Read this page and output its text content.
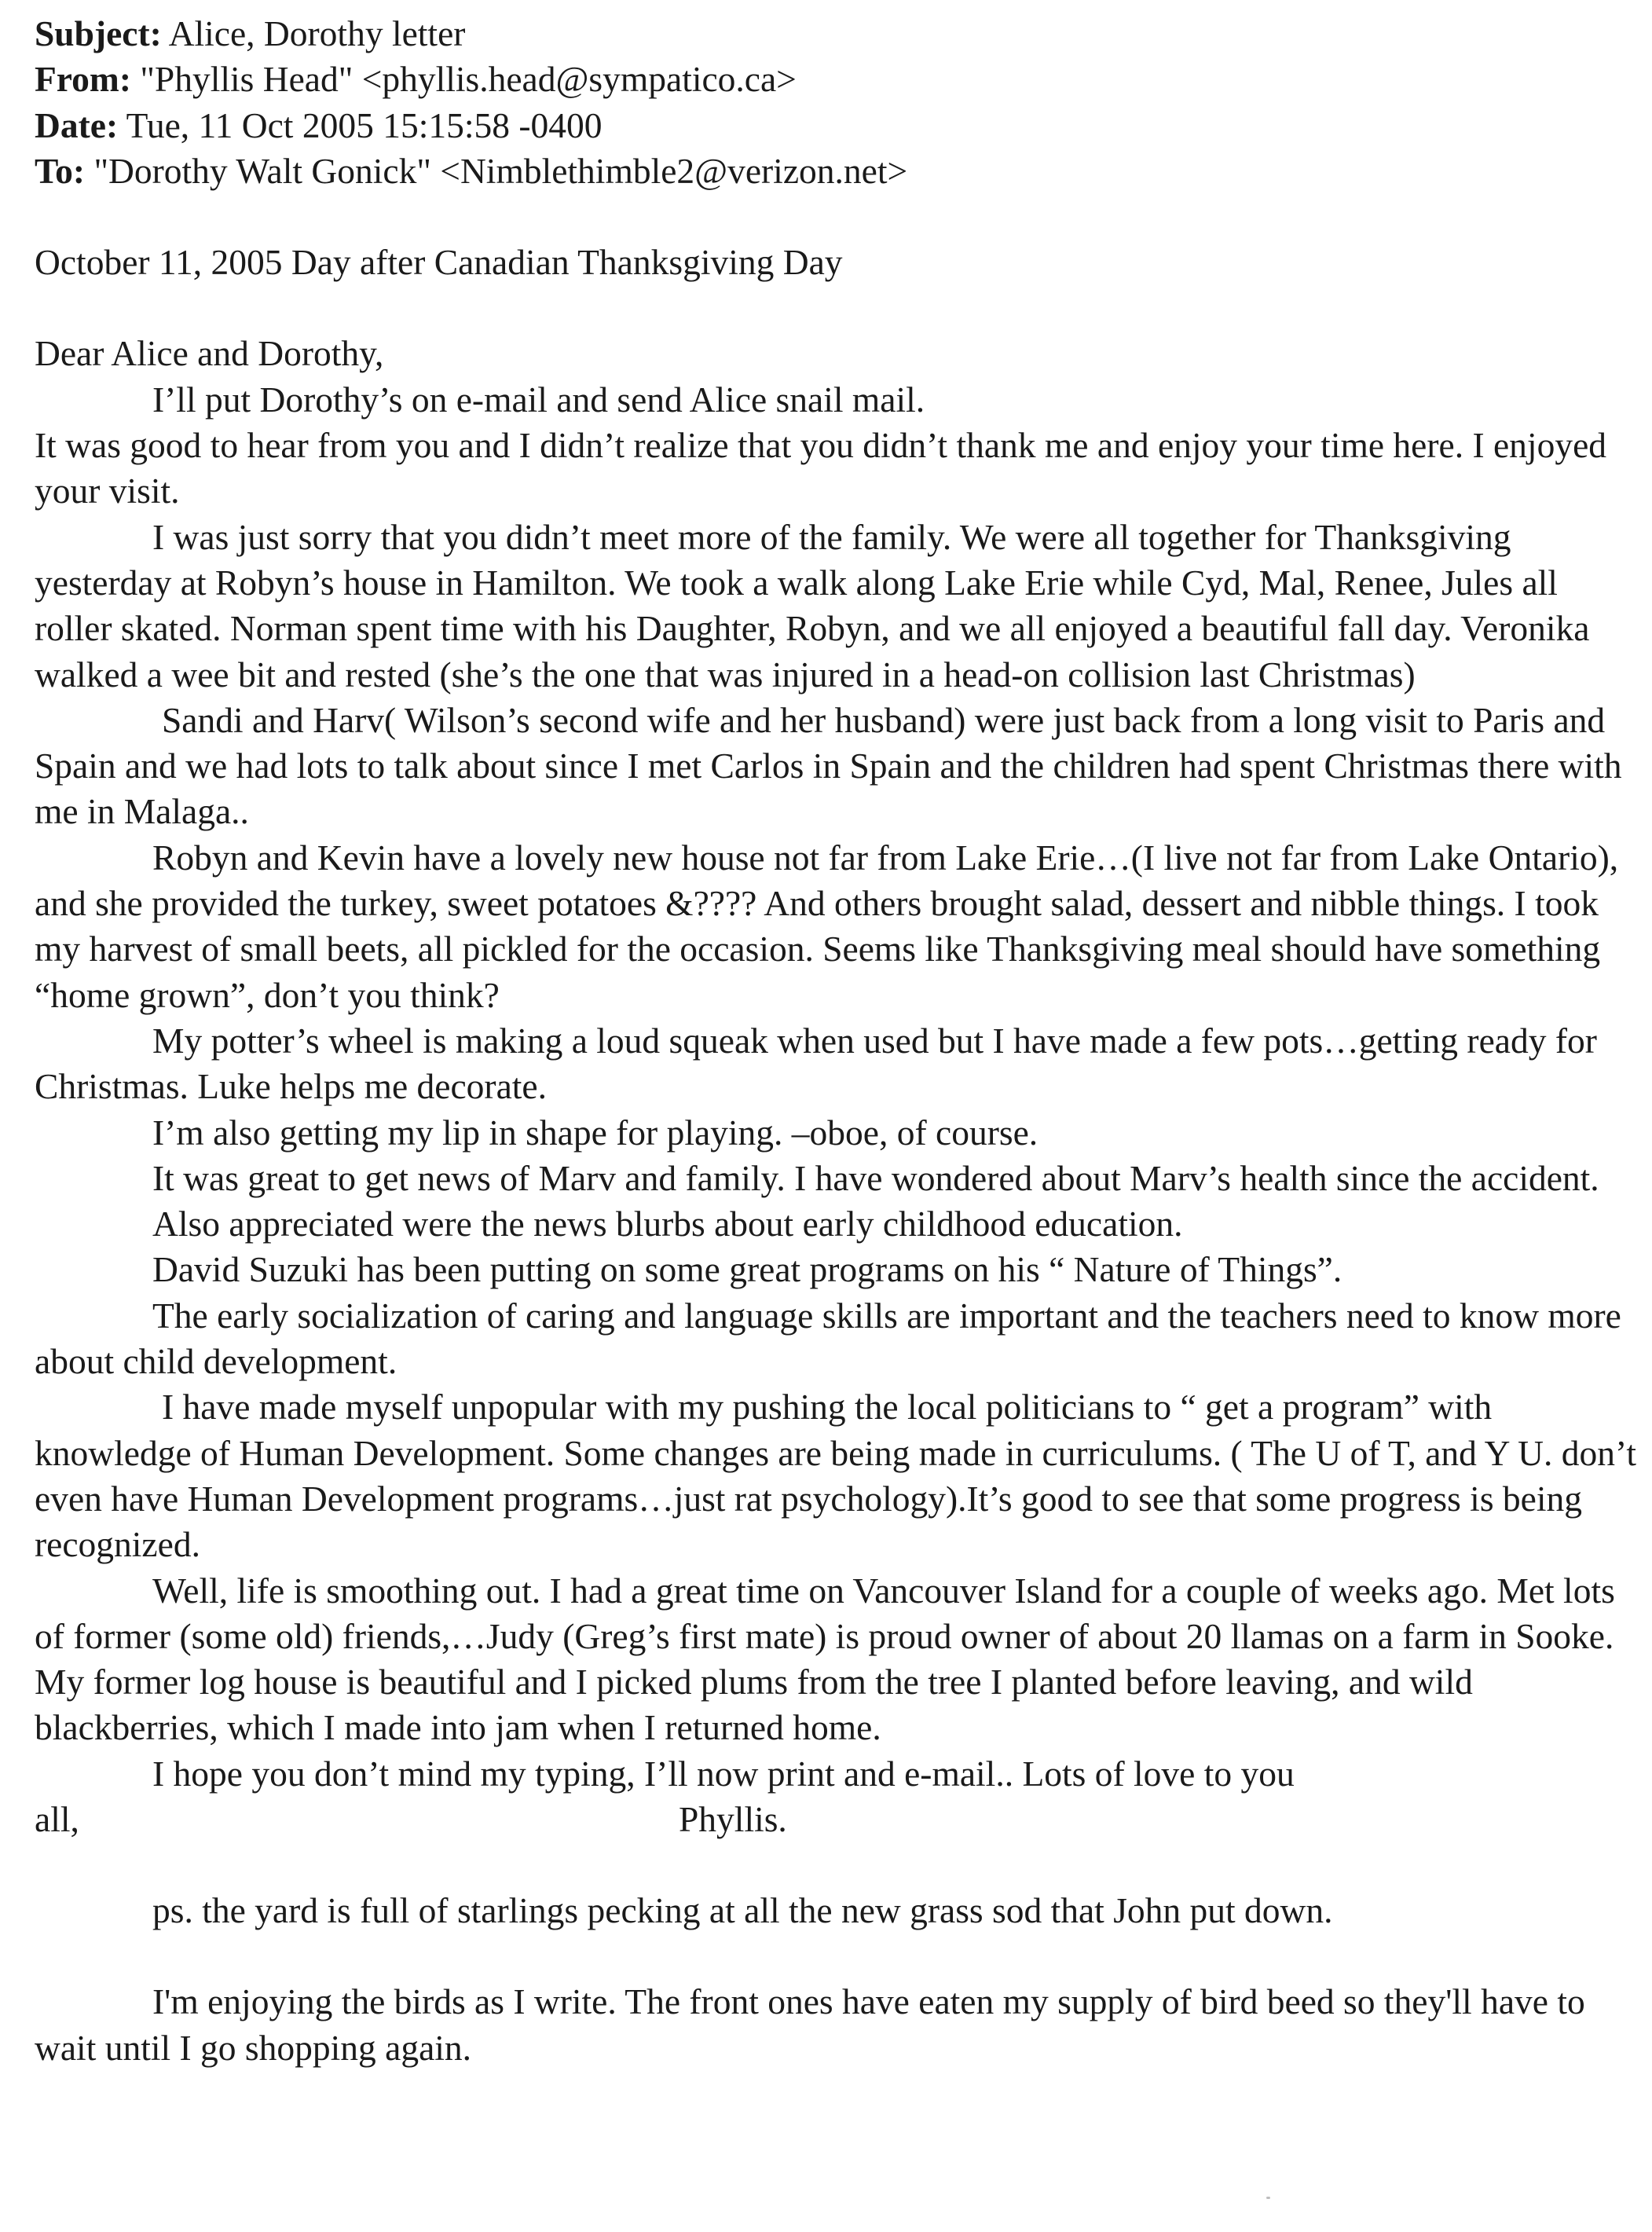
Subject: Alice, Dorothy letter
From: "Phyllis Head" <phyllis.head@sympatico.ca>
Date: Tue, 11 Oct 2005 15:15:58 -0400
To: "Dorothy Walt Gonick" <Nimblethimble2@verizon.net>
October 11, 2005 Day after Canadian Thanksgiving Day
Dear Alice and Dorothy,
I’ll put Dorothy’s on e-mail and send Alice snail mail.
It was good to hear from you and I didn’t realize that you didn’t thank me and enjoy your time here. I enjoyed your visit.
I was just sorry that you didn’t meet more of the family. We were all together for Thanksgiving yesterday at Robyn’s house in Hamilton. We took a walk along Lake Erie while Cyd, Mal, Renee, Jules all roller skated. Norman spent time with his Daughter, Robyn, and we all enjoyed a beautiful fall day. Veronika walked a wee bit and rested (she’s the one that was injured in a head-on collision last Christmas)
Sandi and Harv( Wilson’s second wife and her husband) were just back from a long visit to Paris and Spain and we had lots to talk about since I met Carlos in Spain and the children had spent Christmas there with me in Malaga..
Robyn and Kevin have a lovely new house not far from Lake Erie…(I live not far from Lake Ontario), and she provided the turkey, sweet potatoes &???? And others brought salad, dessert and nibble things. I took my harvest of small beets, all pickled for the occasion. Seems like Thanksgiving meal should have something “home grown”, don’t you think?
My potter’s wheel is making a loud squeak when used but I have made a few pots…getting ready for Christmas. Luke helps me decorate.
I’m also getting my lip in shape for playing. –oboe, of course.
It was great to get news of Marv and family. I have wondered about Marv’s health since the accident.
Also appreciated were the news blurbs about early childhood education.
David Suzuki has been putting on some great programs on his “ Nature of Things”.
The early socialization of caring and language skills are important and the teachers need to know more about child development.
I have made myself unpopular with my pushing the local politicians to “ get a program” with knowledge of Human Development. Some changes are being made in curriculums. ( The U of T, and Y U. don’t even have Human Development programs…just rat psychology).It’s good to see that some progress is being recognized.
Well, life is smoothing out. I had a great time on Vancouver Island for a couple of weeks ago. Met lots of former (some old) friends,…Judy (Greg’s first mate) is proud owner of about 20 llamas on a farm in Sooke. My former log house is beautiful and I picked plums from the tree I planted before leaving, and wild blackberries, which I made into jam when I returned home.
I hope you don’t mind my typing, I’ll now print and e-mail.. Lots of love to you
all,	Phyllis.
ps. the yard is full of starlings pecking at all the new grass sod that John put down.
I'm enjoying the birds as I write. The front ones have eaten my supply of bird beed so they'll have to wait until I go shopping again.
